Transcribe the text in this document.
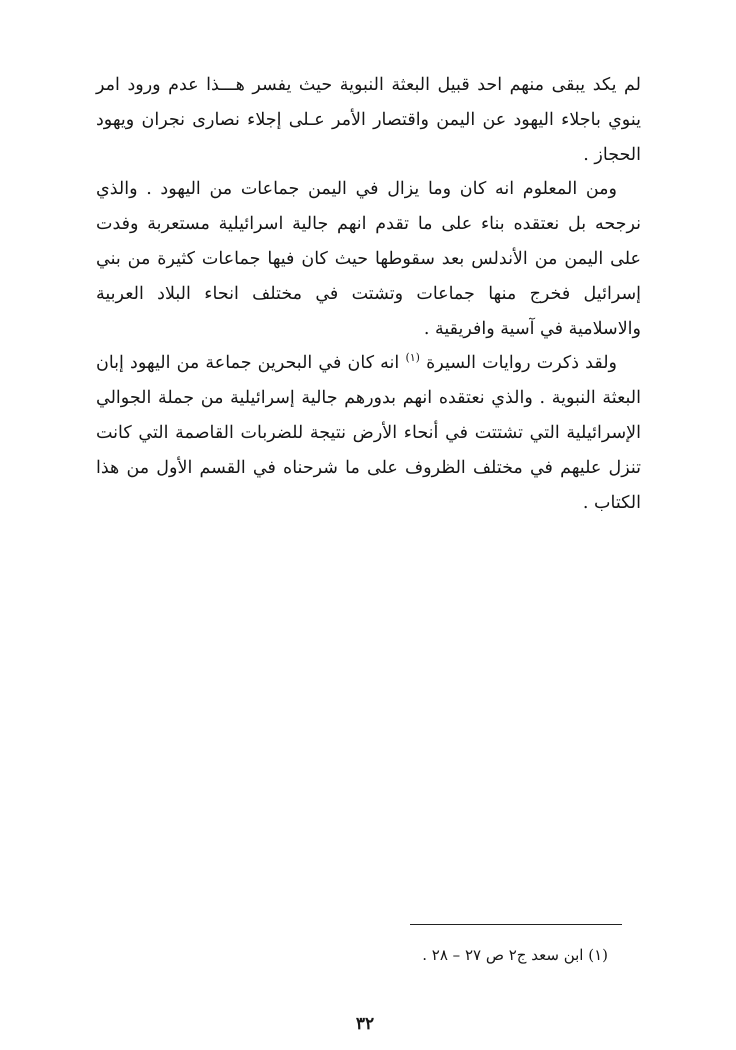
لم يكد يبقى منهم احد قبيل البعثة النبوية حيث يفسر هـــذا عدم ورود امر ينوي باجلاء اليهود عن اليمن واقتصار الأمر عـلى إجلاء نصارى نجران ويهود الحجاز .

ومن المعلوم انه كان وما يزال في اليمن جماعات من اليهود . والذي نرجحه بل نعتقده بناء على ما تقدم انهم جالية اسرائيلية مستعربة وفدت على اليمن من الأندلس بعد سقوطها حيث كان فيها جماعات كثيرة من بني إسرائيل فخرج منها جماعات وتشتت في مختلف انحاء البلاد العربية والاسلامية في آسية وافريقية .

ولقد ذكرت روايات السيرة $^{(١)}$ انه كان في البحرين جماعة من اليهود إبان البعثة النبوية . والذي نعتقده انهم بدورهم جالية إسرائيلية من جملة الجوالي الإسرائيلية التي تشتتت في أنحاء الأرض نتيجة للضربات القاصمة التي كانت تنزل عليهم في مختلف الظروف على ما شرحناه في القسم الأول من هذا الكتاب .

(١) ابن سعد ج٢ ص ٢٧ – ٢٨ .

٣٢
